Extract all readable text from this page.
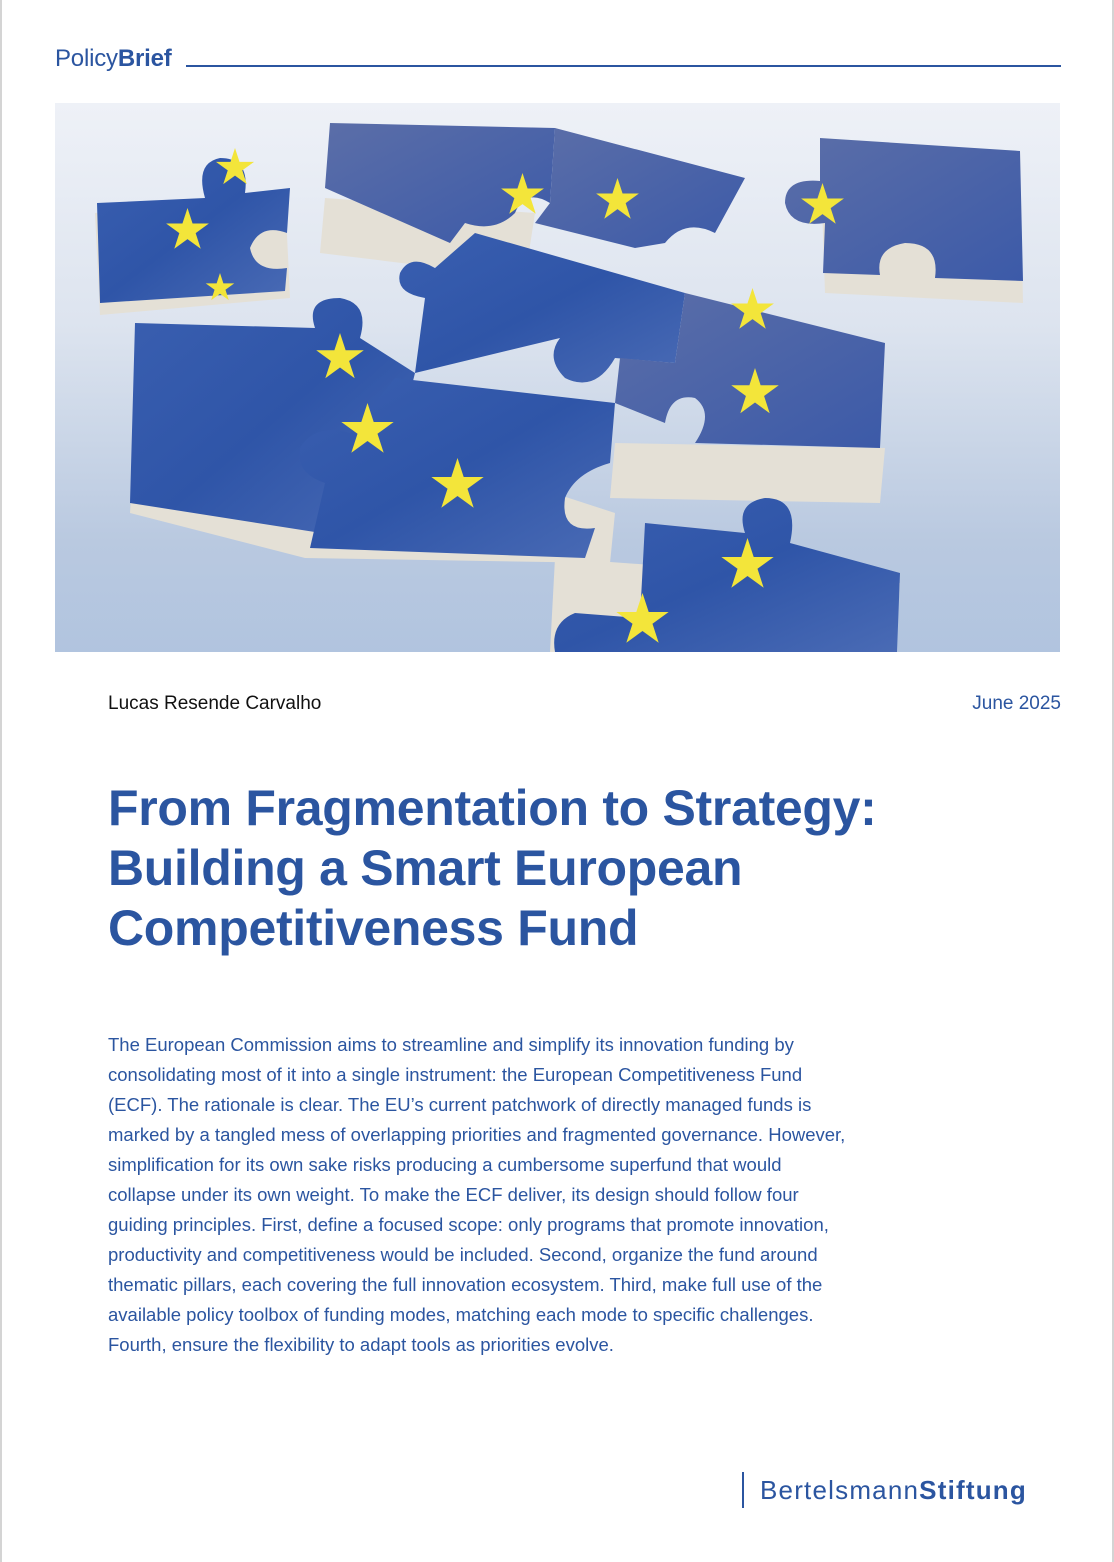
PolicyBrief
Lucas Resende Carvalho	June 2025
From Fragmentation to Strategy:
Building a Smart European
Competitiveness Fund

The European Commission aims to streamline and simplify its innovation funding by
consolidating most of it into a single instrument: the European Competitiveness Fund
(ECF). The rationale is clear. The EU’s current patchwork of directly managed funds is
marked by a tangled mess of overlapping priorities and fragmented governance. However,
simplification for its own sake risks producing a cumbersome superfund that would
collapse under its own weight. To make the ECF deliver, its design should follow four
guiding principles. First, define a focused scope: only programs that promote innovation,
productivity and competitiveness would be included. Second, organize the fund around
thematic pillars, each covering the full innovation ecosystem. Third, make full use of the
available policy toolbox of funding modes, matching each mode to specific challenges.
Fourth, ensure the flexibility to adapt tools as priorities evolve.

BertelsmannStiftung
